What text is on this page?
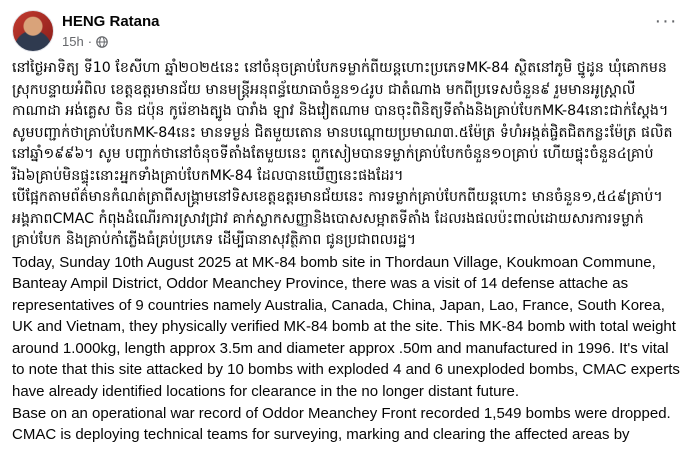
HENG Ratana
15h ·
···

នៅថ្ងៃអាទិត្យ ទី10 ខែសីហា ឆ្នាំ២០២៥នេះ នៅចំនុចគ្រាប់បែកទម្លាក់ពីយន្តហោះប្រភេទMK-84 ស្ថិតនៅភូមិ ថ្នូដូន ឃុំគោកមន ស្រុកបន្ទាយអំពិល ខេត្តឧត្តរមានជ័យ មានមន្ត្រីអនុពន្ធ័យោធាចំនួន១៤រូប ជាតំណាង មកពីប្រទេសចំនួន៩ រួមមានអូស្រ្តាលី កាណាដា អង់គ្លេស ចិន ជប៉ុន កូរ៉េខាងត្បូង បារាំង ឡាវ និងវៀតណាម បានចុះពិនិត្យទីតាំងនិងគ្រាប់បែកMK-84នោះជាក់ស្តែង។ សូមបញ្ជាក់ថាគ្រាប់បែកMK-84នេះ មានទម្ងន់ ជិតមួយតោន មានបណ្តោយប្រមាណ៣.៥ម៉ែត្រ ទំហំអង្កត់ផ្ចិតជិតកន្លះម៉ែត្រ ផលិតនៅឆ្នាំ១៩៩៦។ សូម បញ្ជាក់ថានៅចំនុចទីតាំងតែមួយនេះ ពួកសៀមបានទម្លាក់គ្រាប់បែកចំនួន១០គ្រាប់ ហើយផ្ទុះចំនួន៤គ្រាប់ រីឯ៦គ្រាប់មិនផ្ទុះនោះអ្នកទាំងគ្រាប់បែកMK-84 ដែលបានឃើញនេះផងដែរ។

បើផ្អែកតាមព័ត៌មានកំណត់ត្រាពីសង្គ្រាមនៅទិសខេត្តឧត្តរមានជ័យនេះ ការទម្លាក់គ្រាប់បែកពីយន្តហោះ មានចំនួន១,៥៤៩គ្រាប់។ អង្គភាពCMAC កំពុងដំណើរការស្រាវជ្រាវ គាក់ស្លាកសញ្ញានិងបោសសម្អាតទីតាំង ដែលរងផលប៉ះពាល់ដោយសារការទម្លាក់គ្រាប់បែក និងគ្រាប់កាំភ្លើងធំគ្រប់ប្រភេទ ដើម្បីធានាសុវត្ថិភាព ជូនប្រជាពលរដ្ឋ។

Today, Sunday 10th August 2025 at MK-84 bomb site in Thordaun Village, Koukmoan Commune, Banteay Ampil District, Oddor Meanchey Province, there was a visit of 14 defense attache as representatives of 9 countries namely Australia, Canada, China, Japan, Lao, France, South Korea, UK and Vietnam, they physically verified MK-84 bomb at the site. This MK-84 bomb with total weight around 1.000kg, length approx 3.5m and diameter approx .50m and manufactured in 1996. It's vital to note that this site attacked by 10 bombs with exploded 4 and 6 unexploded bombs, CMAC experts have already identified locations for clearance in the no longer distant future.

Base on an operational war record of Oddor Meanchey Front recorded 1,549 bombs were dropped.

CMAC is deploying technical teams for surveying, marking and clearing the affected areas by
